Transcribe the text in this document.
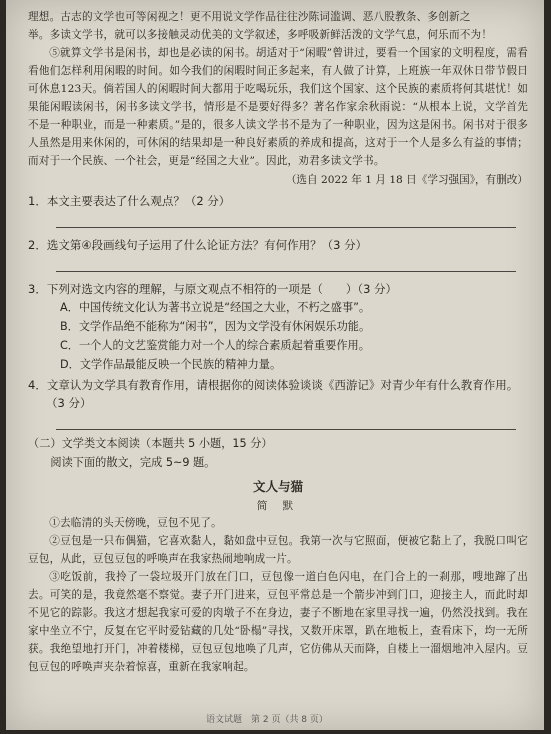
理想。古志的文学也可等闲视之！更不用说文学作品往往沙陈词滥调、恶八股教条、多创新之

举。多读文学书，就可以多接触灵动优美的文学叙述，多呼吸新鲜活泼的文学气息，何乐而不为！

⑤就算文学书是闲书，却也是必读的闲书。胡适对于“闲暇”曾讲过，要看一个国家的文明程度，需看看他们怎样利用闲暇的时间。如今我们的闲暇时间正多起来，有人做了计算，上班族一年双休日带节假日可休息123天。倘若国人的闲暇时间大都用于吃喝玩乐，我们这个国家、这个民族的素质将何其堪忧！如果能闲暇读闲书，闲书多读文学书，情形是不是要好得多？著名作家余秋雨说：“从根本上说，文学首先不是一种职业，而是一种素质。”是的，很多人读文学书不是为了一种职业，因为这是闲书。闲书对于很多人虽然是用来休闲的，可休闲的结果却是一种良好素质的养成和提高，这对于一个人是多么有益的事情；而对于一个民族、一个社会，更是“经国之大业”。因此，劝君多读文学书。

（选自 2022 年 1 月 18 日《学习强国》，有删改）

1．本文主要表达了什么观点？（2 分）

2．选文第④段画线句子运用了什么论证方法？有何作用？（3 分）

3．下列对选文内容的理解，与原文观点不相符的一项是（　　）（3 分）

A．中国传统文化认为著书立说是“经国之大业，不朽之盛事”。

B．文学作品绝不能称为“闲书”，因为文学没有休闲娱乐功能。

C．一个人的文艺鉴赏能力对一个人的综合素质起着重要作用。

D．文学作品最能反映一个民族的精神力量。

4．文章认为文学具有教育作用，请根据你的阅读体验谈谈《西游记》对青少年有什么教育作用。

（3 分）

（二）文学类文本阅读（本题共 5 小题，15 分）

阅读下面的散文，完成 5~9 题。

文人与猫

简 默

①去临清的头天傍晚，豆包不见了。

②豆包是一只布偶猫，它喜欢黏人，黏如盘中豆包。我第一次与它照面，便被它黏上了，我脱口叫它豆包，从此，豆包豆包的呼唤声在我家热闹地响成一片。

③吃饭前，我拎了一袋垃圾开门放在门口，豆包像一道白色闪电，在门合上的一刹那，嗖地蹿了出去。可笑的是，我竟然毫不察觉。妻子开门进来，豆包平常总是一个箭步冲到门口，迎接主人，而此时却不见它的踪影。我这才想起我家可爱的肉墩子不在身边，妻子不断地在家里寻找一遍，仍然没找到。我在家中坐立不宁，反复在它平时爱钻藏的几处“卧榻”寻找，又数开床罩，趴在地板上，查看床下，均一无所获。我绝望地打开门，冲着楼梯，豆包豆包地唤了几声，它仿佛从天而降，自楼上一溜烟地冲入屋内。豆包豆包的呼唤声夹杂着惊喜，重新在我家响起。

语文试题　第 2 页（共 8 页）
